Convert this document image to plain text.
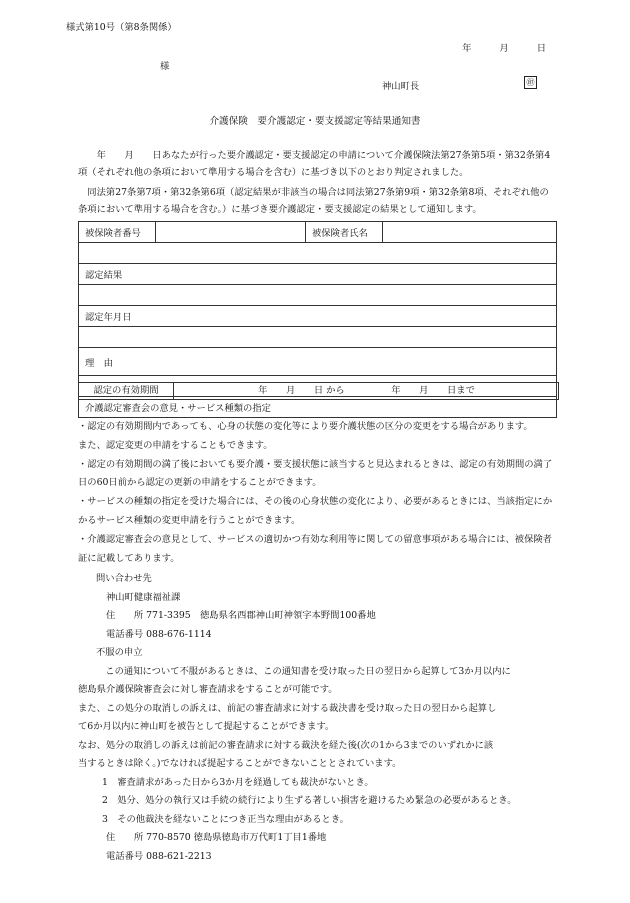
様式第10号（第8条関係）
年	月	日
様
神山町長	㊞
介護保険　要介護認定・要支援認定等結果通知書
　　年　　月　　日あなたが行った要介護認定・要支援認定の申請について介護保険法第27条第5項・第32条第4項（それぞれ他の条項において準用する場合を含む）に基づき以下のとおり判定されました。
　同法第27条第7項・第32条第6項（認定結果が非該当の場合は同法第27条第9項・第32条第8項、それぞれ他の条項において準用する場合を含む。）に基づき要介護認定・要支援認定の結果として通知します。
被保険者番号		被保険者氏名	

認定結果

認定年月日

理　由

介護認定審査会の意見・サービス種類の指定
認定の有効期間	年　　月　　日 から　　　　　年　　月　　日まで

・認定の有効期間内であっても、心身の状態の変化等により要介護状態の区分の変更をする場合があります。

また、認定変更の申請をすることもできます。

・認定の有効期間の満了後においても要介護・要支援状態に該当すると見込まれるときは、認定の有効期間の満了日の60日前から認定の更新の申請をすることができます。

・サービスの種類の指定を受けた場合には、その後の心身状態の変化により、必要があるときには、当該指定にかかるサービス種類の変更申請を行うことができます。

・介護認定審査会の意見として、サービスの適切かつ有効な利用等に関しての留意事項がある場合には、被保険者証に記載してあります。

問い合わせ先

神山町健康福祉課

住　　所 771-3395　徳島県名西郡神山町神領字本野間100番地

電話番号 088-676-1114

不服の申立

　この通知について不服があるときは、この通知書を受け取った日の翌日から起算して3か月以内に

徳島県介護保険審査会に対し審査請求をすることが可能です。

また、この処分の取消しの訴えは、前記の審査請求に対する裁決書を受け取った日の翌日から起算し

て6か月以内に神山町を被告として提起することができます。

なお、処分の取消しの訴えは前記の審査請求に対する裁決を経た後(次の1から3までのいずれかに該

当するときは除く。)でなければ提起することができないこととされています。

1　審査請求があった日から3か月を経過しても裁決がないとき。

2　処分、処分の執行又は手続の続行により生ずる著しい損害を避けるため緊急の必要があるとき。

3　その他裁決を経ないことにつき正当な理由があるとき。

住　　所 770-8570 徳島県徳島市万代町1丁目1番地

電話番号 088-621-2213
